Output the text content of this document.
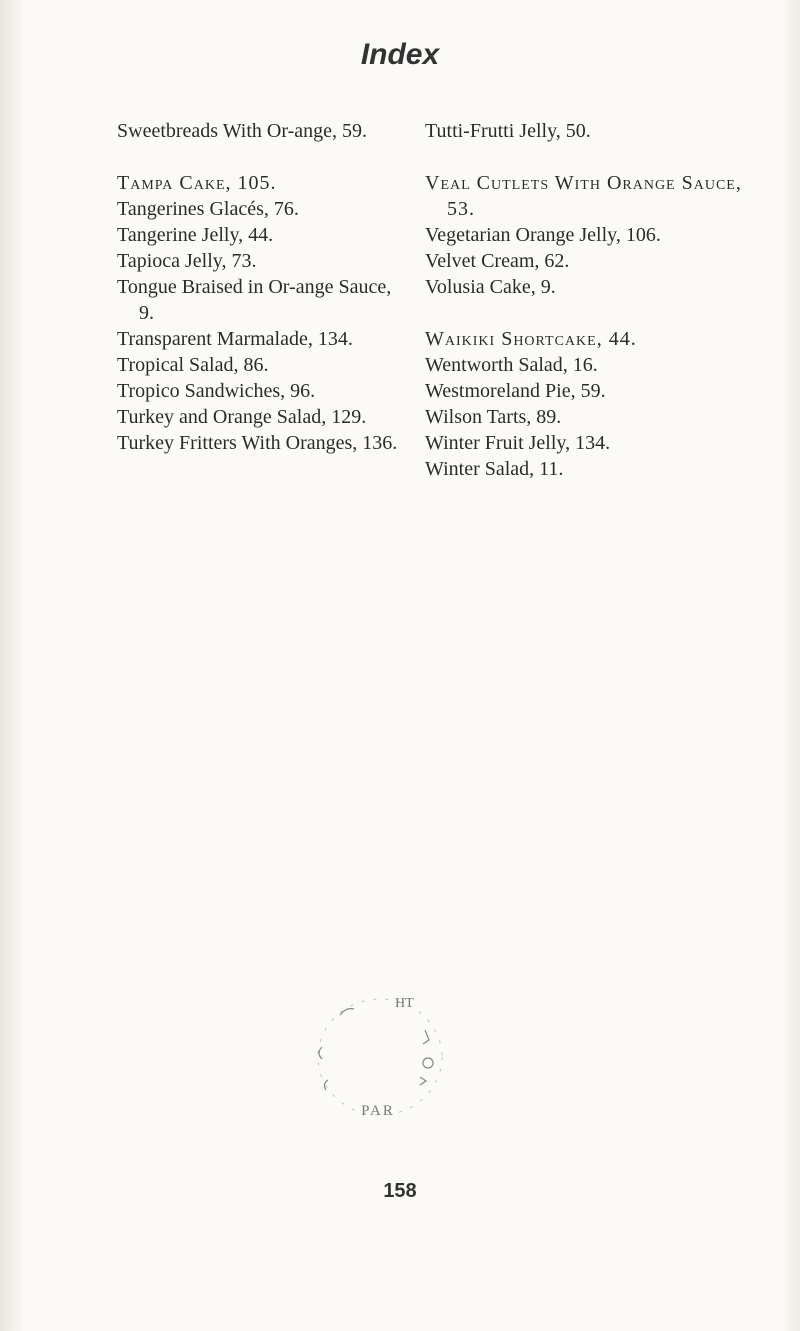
Index
Sweetbreads With Or-ange, 59.
Tampa Cake, 105.
Tangerines Glacés, 76.
Tangerine Jelly, 44.
Tapioca Jelly, 73.
Tongue Braised in Or-ange Sauce, 9.
Transparent Marmalade, 134.
Tropical Salad, 86.
Tropico Sandwiches, 96.
Turkey and Orange Salad, 129.
Turkey Fritters With Oranges, 136.
Tutti-Frutti Jelly, 50.
Veal Cutlets With Orange Sauce, 53.
Vegetarian Orange Jelly, 106.
Velvet Cream, 62.
Volusia Cake, 9.
Waikiki Shortcake, 44.
Wentworth Salad, 16.
Westmoreland Pie, 59.
Wilson Tarts, 89.
Winter Fruit Jelly, 134.
Winter Salad, 11.
HT
PAR
158
